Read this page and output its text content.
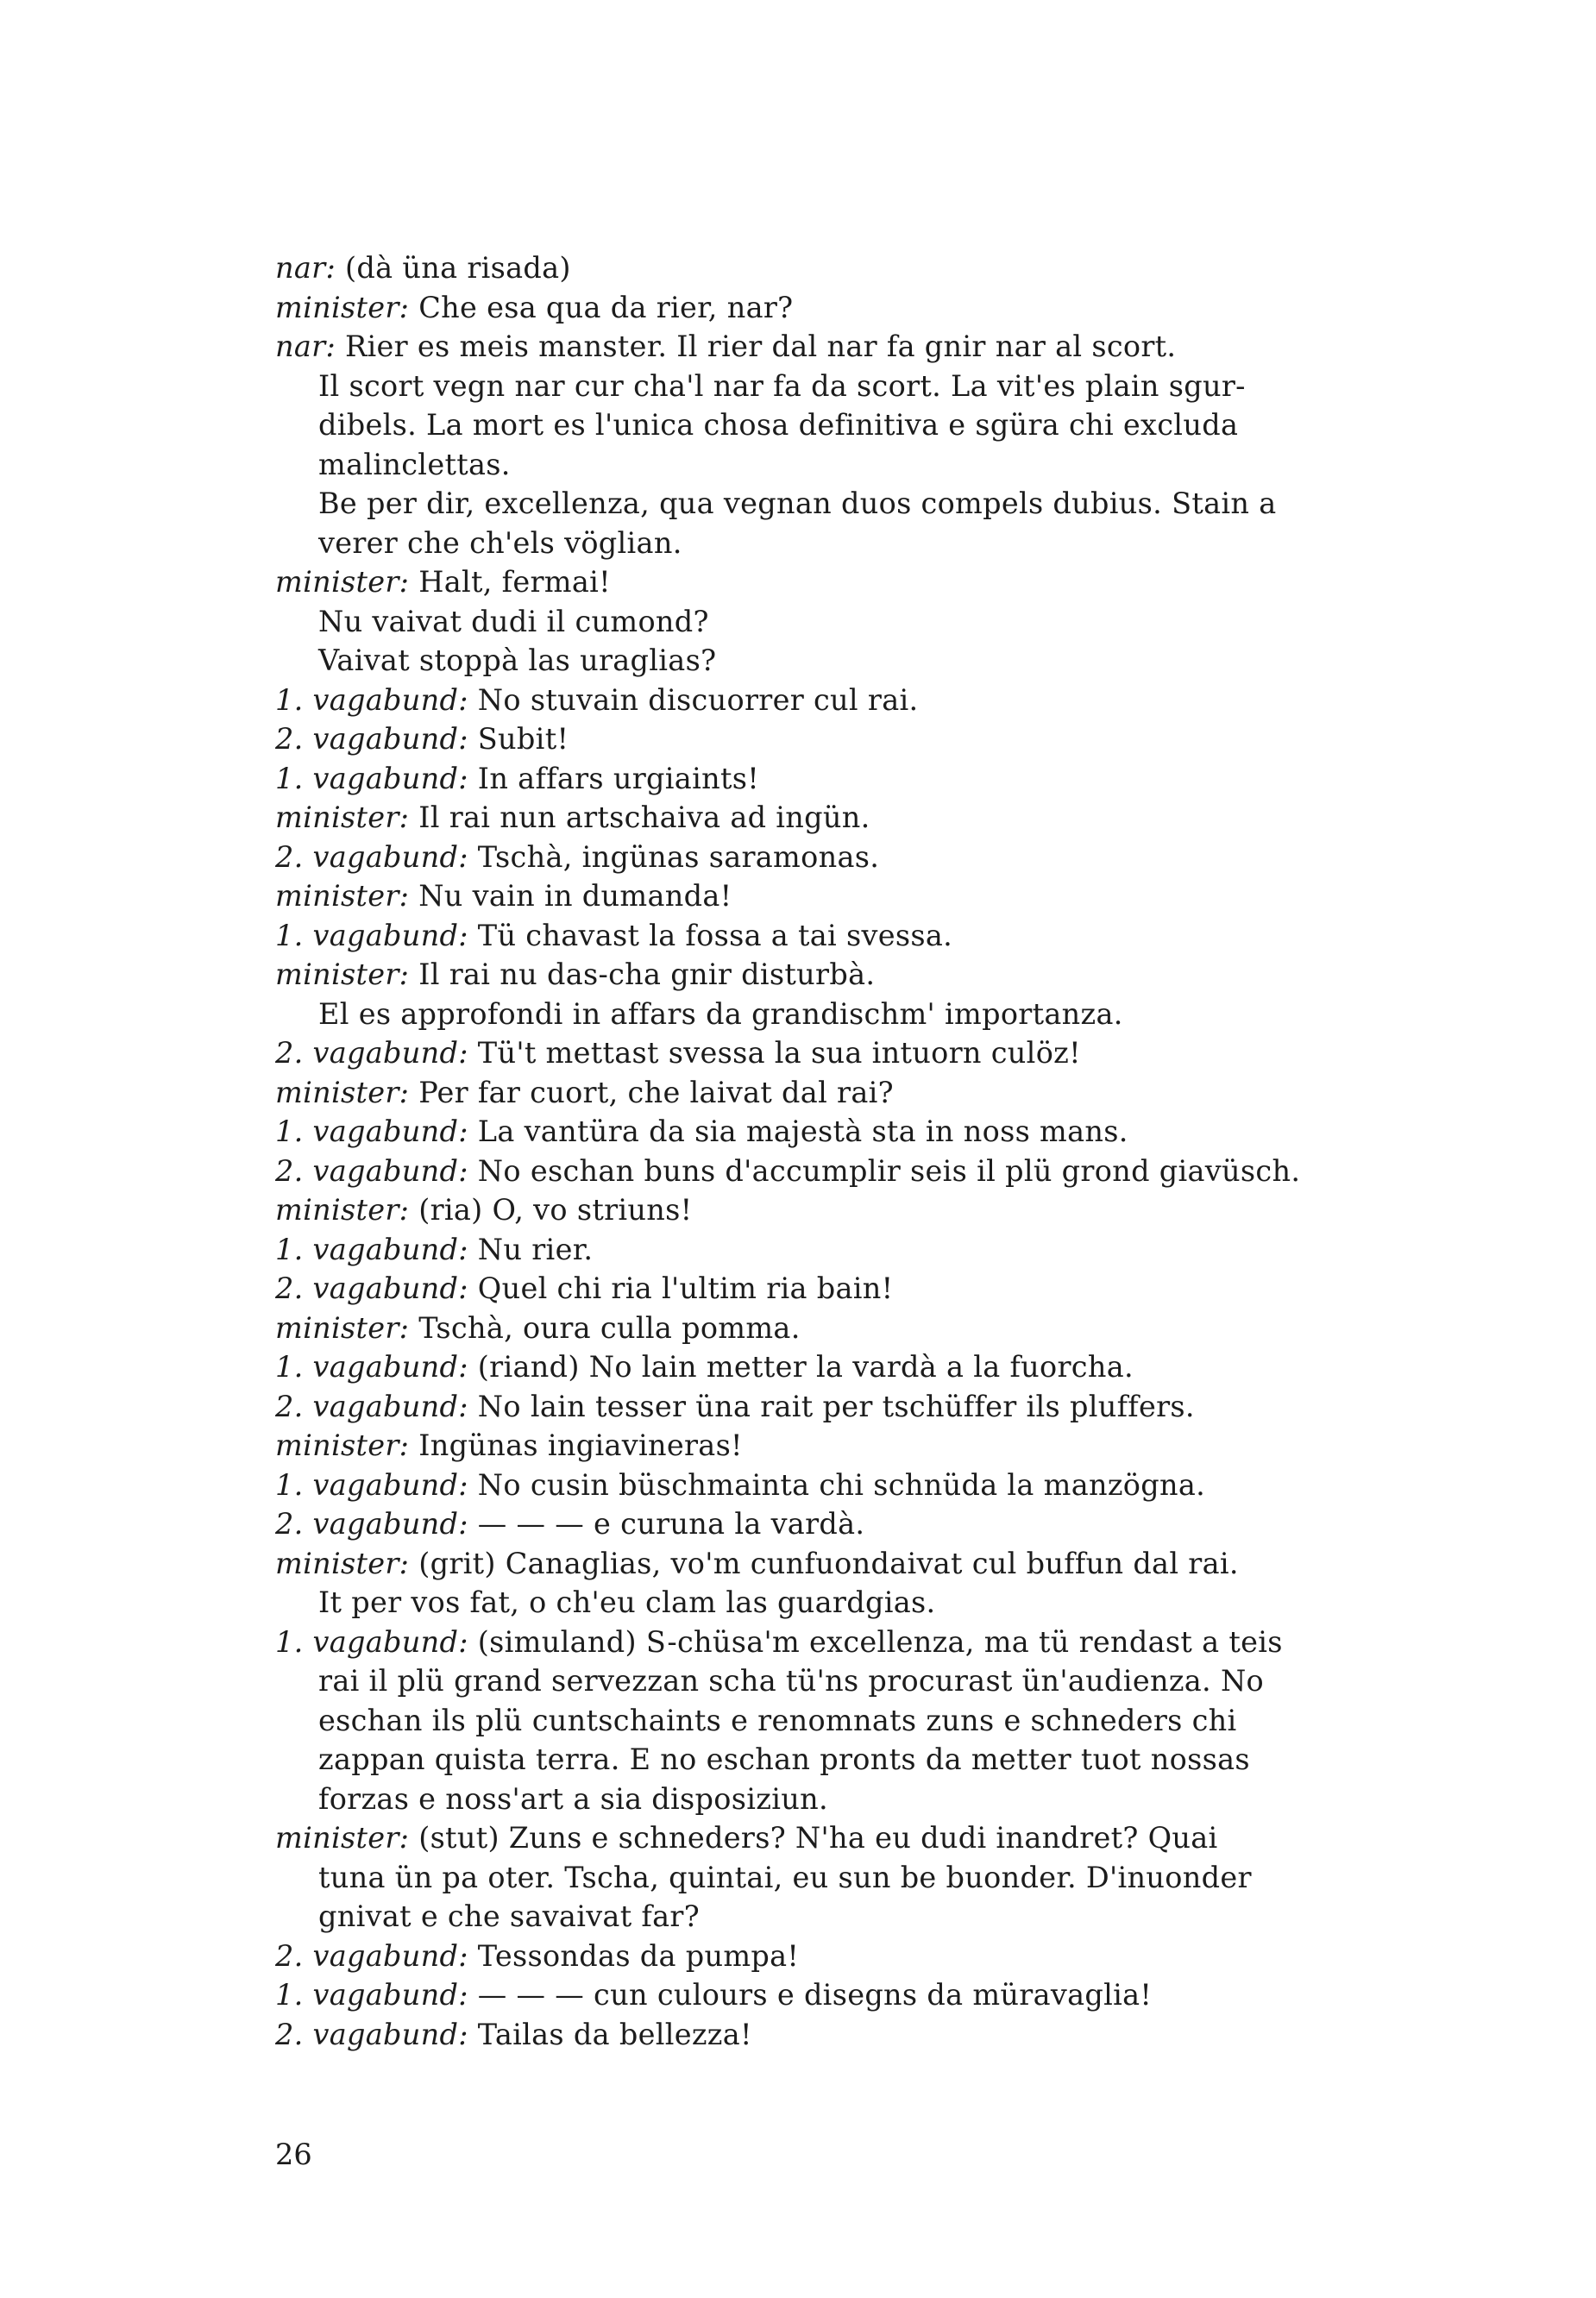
nar: (dà üna risada)
minister: Che esa qua da rier, nar?
nar: Rier es meis manster. Il rier dal nar fa gnir nar al scort.
Il scort vegn nar cur cha'l nar fa da scort. La vit'es plain sgur-
dibels. La mort es l'unica chosa definitiva e sgüra chi excluda
malinclettas.
Be per dir, excellenza, qua vegnan duos compels dubius. Stain a
verer che ch'els vöglian.
minister: Halt, fermai!
Nu vaivat dudi il cumond?
Vaivat stoppà las uraglias?
1. vagabund: No stuvain discuorrer cul rai.
2. vagabund: Subit!
1. vagabund: In affars urgiaints!
minister: Il rai nun artschaiva ad ingün.
2. vagabund: Tschà, ingünas saramonas.
minister: Nu vain in dumanda!
1. vagabund: Tü chavast la fossa a tai svessa.
minister: Il rai nu das-cha gnir disturbà.
El es approfondi in affars da grandischm' importanza.
2. vagabund: Tü't mettast svessa la sua intuorn culöz!
minister: Per far cuort, che laivat dal rai?
1. vagabund: La vantüra da sia majestà sta in noss mans.
2. vagabund: No eschan buns d'accumplir seis il plü grond giavüsch.
minister: (ria) O, vo striuns!
1. vagabund: Nu rier.
2. vagabund: Quel chi ria l'ultim ria bain!
minister: Tschà, oura culla pomma.
1. vagabund: (riand) No lain metter la vardà a la fuorcha.
2. vagabund: No lain tesser üna rait per tschüffer ils pluffers.
minister: Ingünas ingiavineras!
1. vagabund: No cusin büschmainta chi schnüda la manzögna.
2. vagabund: — — — e curuna la vardà.
minister: (grit) Canaglias, vo'm cunfuondaivat cul buffun dal rai.
It per vos fat, o ch'eu clam las guardgias.
1. vagabund: (simuland) S-chüsa'm excellenza, ma tü rendast a teis
rai il plü grand servezzan scha tü'ns procurast ün'audienza. No
eschan ils plü cuntschaints e renomnats zuns e schneders chi
zappan quista terra. E no eschan pronts da metter tuot nossas
forzas e noss'art a sia disposiziun.
minister: (stut) Zuns e schneders? N'ha eu dudi inandret? Quai
tuna ün pa oter. Tscha, quintai, eu sun be buonder. D'inuonder
gnivat e che savaivat far?
2. vagabund: Tessondas da pumpa!
1. vagabund: — — — cun culours e disegns da müravaglia!
2. vagabund: Tailas da bellezza!
26
